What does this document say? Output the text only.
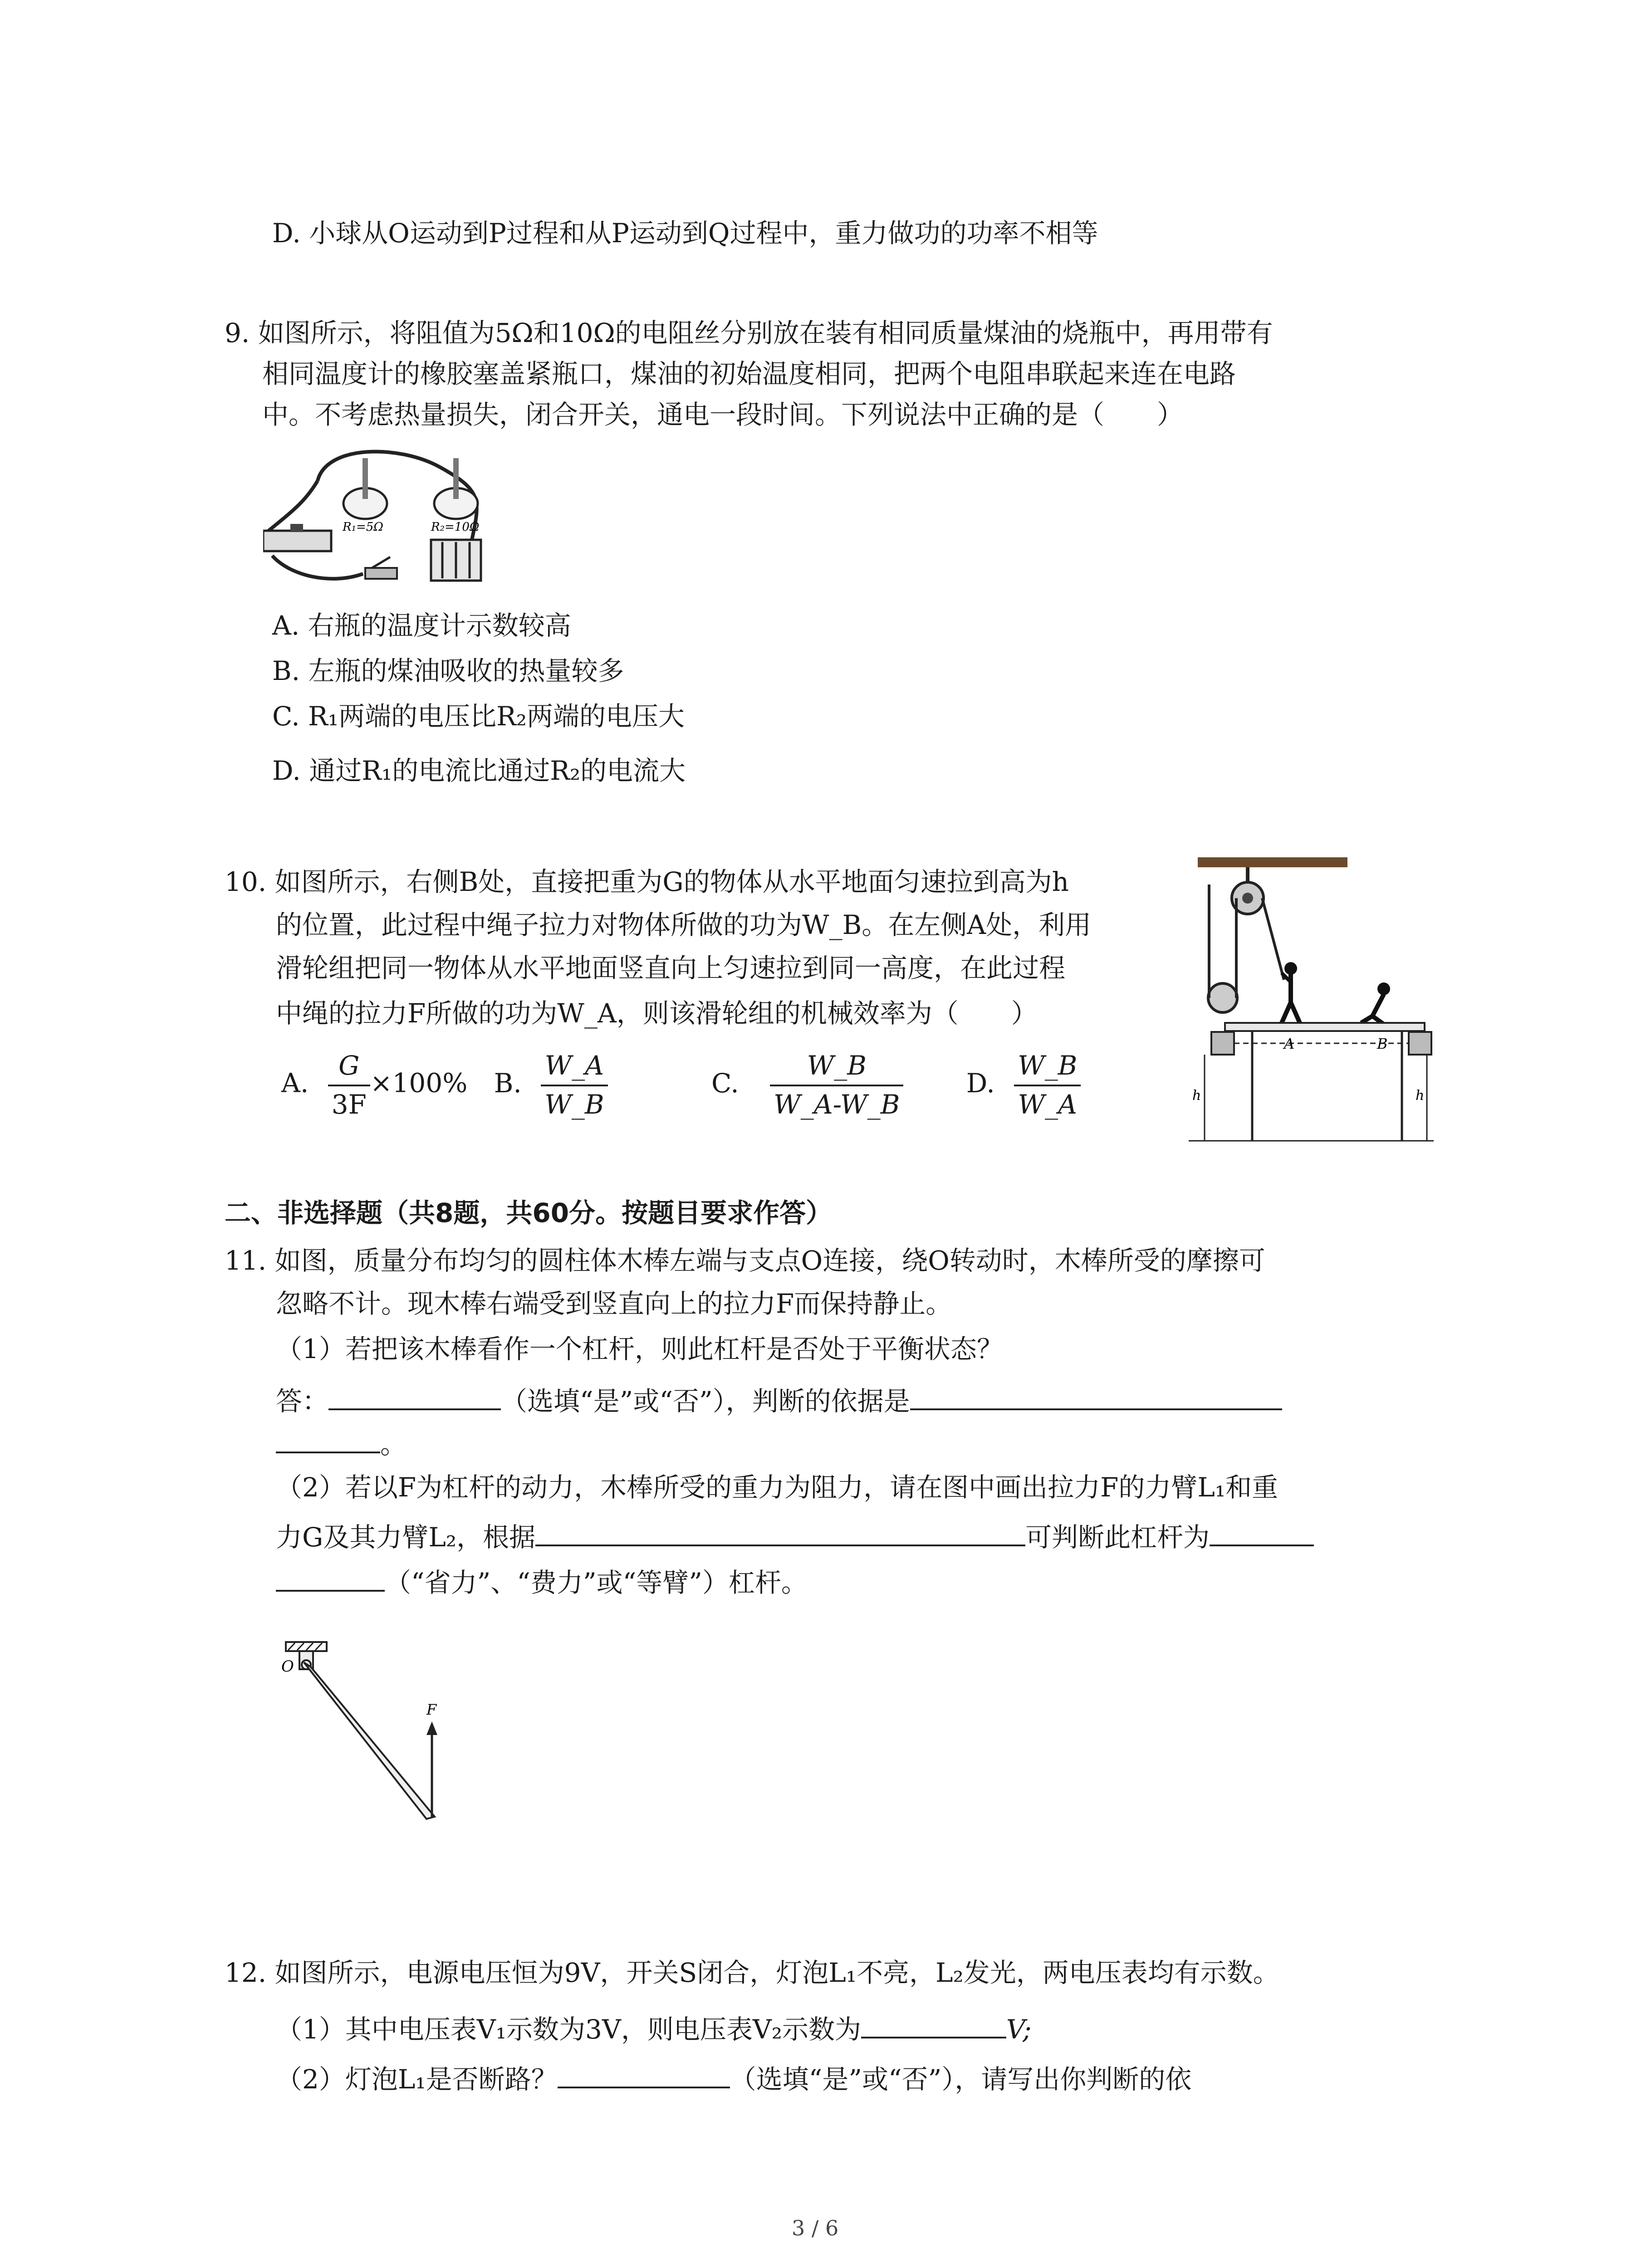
D. 小球从O运动到P过程和从P运动到Q过程中，重力做功的功率不相等
9. 如图所示，将阻值为5Ω和10Ω的电阻丝分别放在装有相同质量煤油的烧瓶中，再用带有
相同温度计的橡胶塞盖紧瓶口，煤油的初始温度相同，把两个电阻串联起来连在电路
中。不考虑热量损失，闭合开关，通电一段时间。下列说法中正确的是（　　）
R₁=5Ω	R₂=10Ω
A. 右瓶的温度计示数较高
B. 左瓶的煤油吸收的热量较多
C. R₁两端的电压比R₂两端的电压大
D. 通过R₁的电流比通过R₂的电流大
10. 如图所示，右侧B处，直接把重为G的物体从水平地面匀速拉到高为h
的位置，此过程中绳子拉力对物体所做的功为W_B。在左侧A处，利用
滑轮组把同一物体从水平地面竖直向上匀速拉到同一高度，在此过程
中绳的拉力F所做的功为W_A，则该滑轮组的机械效率为（　　）
A. $\frac{G}{3F} \times 100\%$ B. $\frac{W\_A}{W\_B}$	C. $\frac{W\_B}{W\_A-W\_B} D$. $\frac{W\_B}{W\_A}$
A	B
h	h
二、非选择题（共8题，共60分。按题目要求作答）
11. 如图，质量分布均匀的圆柱体木棒左端与支点O连接，绕O转动时，木棒所受的摩擦可
忽略不计。现木棒右端受到竖直向上的拉力F而保持静止。
（1）若把该木棒看作一个杠杆，则此杠杆是否处于平衡状态？
答：	（选填“是”或“否”），判断的依据是
。
（2）若以F为杠杆的动力，木棒所受的重力为阻力，请在图中画出拉力F的力臂L₁和重
力G及其力臂L₂，根据	可判断此杠杆为
（“省力”、“费力”或“等臂”）杠杆。
O
F
12. 如图所示，电源电压恒为9V，开关S闭合，灯泡L₁不亮，L₂发光，两电压表均有示数。
（1）其中电压表V₁示数为3V，则电压表V₂示数为	V;
（2）灯泡L₁是否断路？	（选填“是”或“否”），请写出你判断的依
3 / 6
